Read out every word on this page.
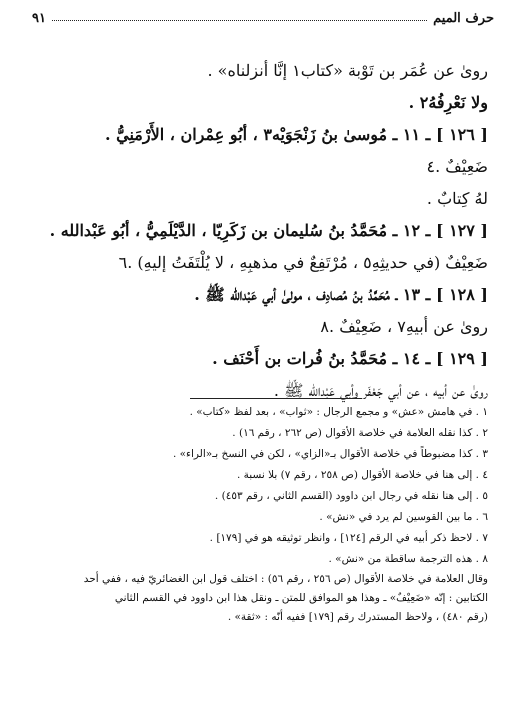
حرف الميم
٩١
روىٰ عن عُمَر بن تَوْبة «كتاب١ إنَّا أنزلناه» .
ولا نَعْرِفُهُ٢ .
[ ١٢٦ ] ـ ١١ ـ مُوسىٰ بنُ زَنْجَوَيْه٣ ، أبُو عِمْران ، الأَرْمَنِيُّ .
ضَعِيْفٌ .٤
لهُ كِتابٌ .
[ ١٢٧ ] ـ ١٢ ـ مُحَمَّدُ بنُ سُليمان بن زَكَرِيّا ، الدَّيْلَمِيُّ ، أبُو عَبْدالله .
ضَعِيْفٌ (في حديثِهِ٥ ، مُرْتَفِعٌ في مذهبِهِ ، لا يُلْتَفَتُ إليهِ) .٦
[ ١٢٨ ] ـ ١٣ ـ مُحَمَّدُ بنُ مُصادِف ، مولىٰ أبي عَبْدالله ﷺ .
روىٰ عن أبيهِ٧ ، ضَعِيْفٌ .٨
[ ١٢٩ ] ـ ١٤ ـ مُحَمَّدُ بنُ فُرات بن أَحْنَف .
روىٰ عن أبيه ، عن أبي جَعْفَر وأبي عَبْدالله ﷺ .
١ . في هامش «عش» و مجمع الرجال : «ثواب» ، بعد لفظ «كتاب» .
٢ . كذا نقله العلامة في خلاصة الأقوال (ص ٢٦٢ ، رقم ١٦) .
٣ . كذا مضبوطاً في خلاصة الأقوال بـ«الزاي» ، لكن في النسخ بـ«الراء» .
٤ . إلى هنا في خلاصة الأقوال (ص ٢٥٨ ، رقم ٧) بلا نسبة .
٥ . إلى هنا نقله في رجال ابن داوود (القسم الثاني ، رقم ٤٥٣) .
٦ . ما بين القوسين لم يرد في «نش» .
٧ . لاحظ ذكر أبيه في الرقم [١٢٤] ، وانظر توثيقه هو في [١٧٩] .
٨ . هذه الترجمة ساقطة من «نش» .
وقال العلامة في خلاصة الأقوال (ص ٢٥٦ ، رقم ٥٦) : اختلف قول ابن الغضائريّ فيه ، ففي أحد
الكتابين : إنّه «ضَعِيْفٌ» ـ وهذا هو الموافق للمتن ـ ونقل هذا ابن داوود في القسم الثاني
(رقم ٤٨٠) ، ولاحظ المستدرك رقم [١٧٩] ففيه أنّه : «ثقة» .
